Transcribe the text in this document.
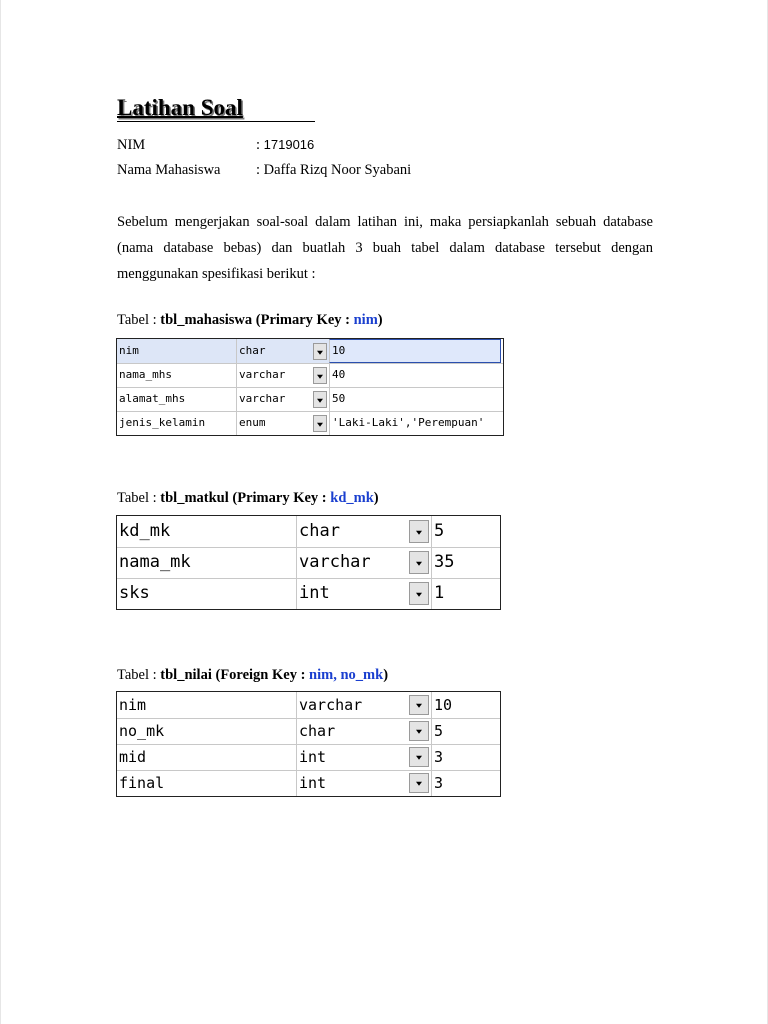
Latihan Soal
NIM	: 1719016
Nama Mahasiswa : Daffa Rizq Noor Syabani
Sebelum mengerjakan soal-soal dalam latihan ini, maka persiapkanlah sebuah database (nama database bebas) dan buatlah 3 buah tabel dalam database tersebut dengan menggunakan spesifikasi berikut :
Tabel : tbl_mahasiswa (Primary Key : nim)
Tabel : tbl_matkul (Primary Key : kd_mk)
Tabel : tbl_nilai (Foreign Key : nim, no_mk)
nim	char	10
nama_mhs	varchar	40
alamat_mhs	varchar	50
jenis_kelamin	enum	'Laki-Laki','Perempuan'
kd_mk	char	5
nama_mk	varchar	35
sks	int	1
nim	varchar	10
no_mk	char	5
mid	int	3
final	int	3
